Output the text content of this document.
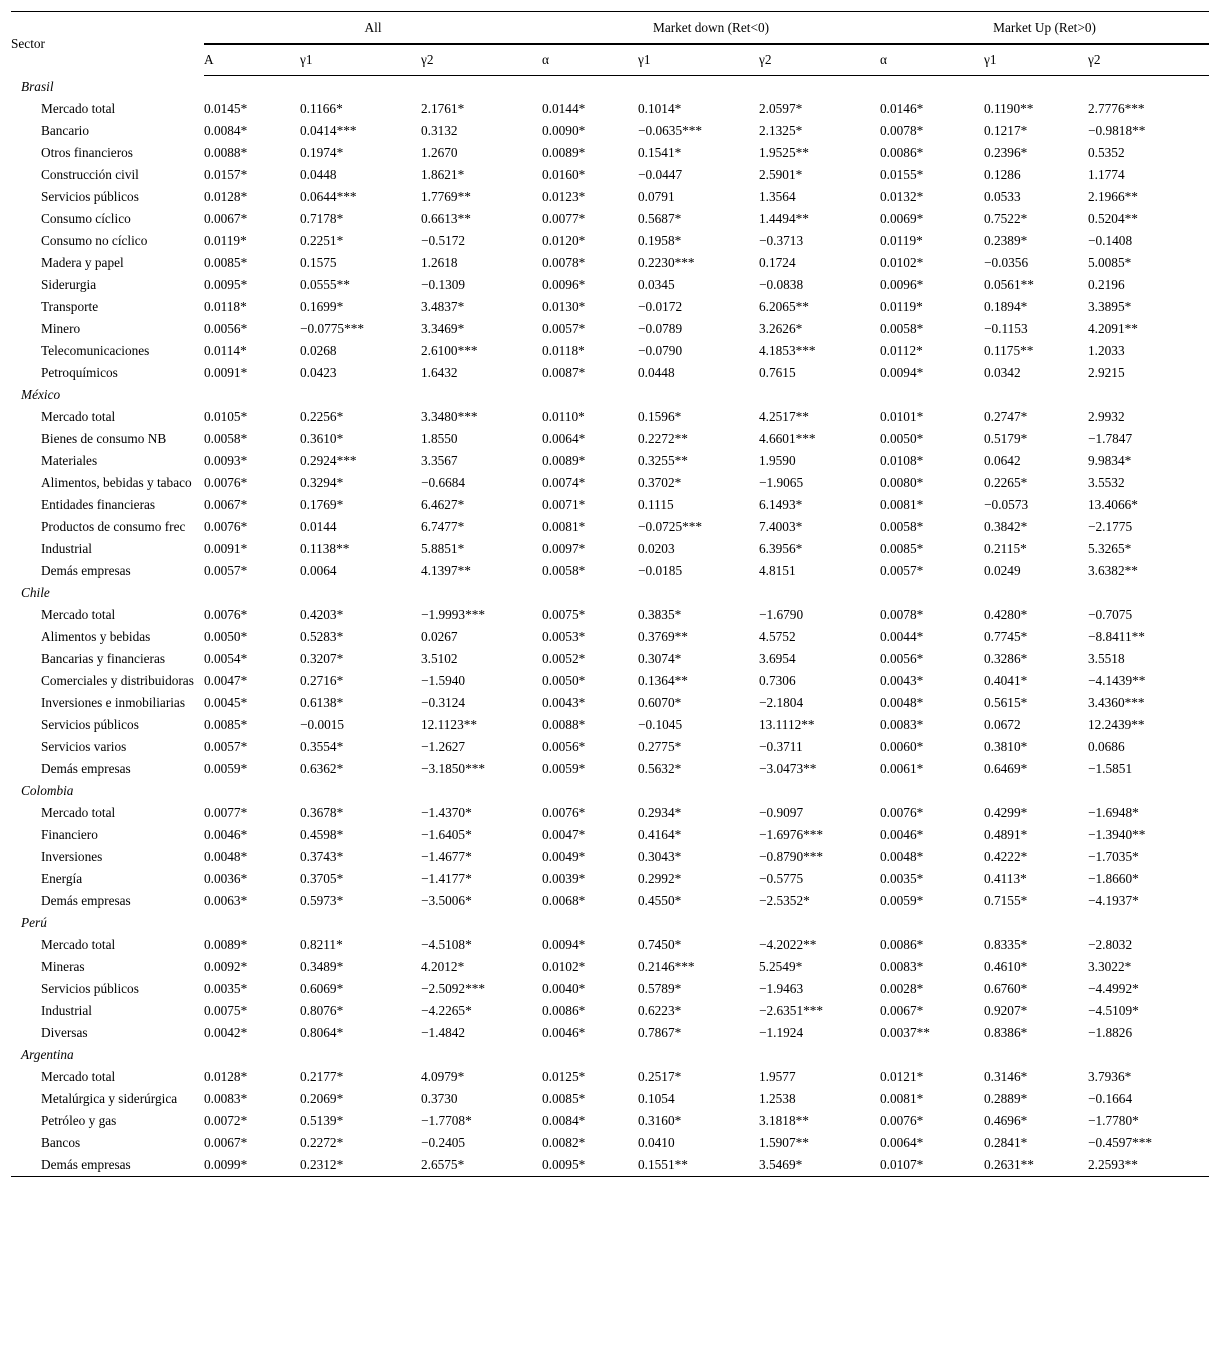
Sector	All			Market down (Ret<0)			Market Up (Ret>0)		
	A	γ1	γ2	α	γ1	γ2	α	γ1	γ2
Brasil									
Mercado total	0.0145*	0.1166*	2.1761*	0.0144*	0.1014*	2.0597*	0.0146*	0.1190**	2.7776***
Bancario	0.0084*	0.0414***	0.3132	0.0090*	−0.0635***	2.1325*	0.0078*	0.1217*	−0.9818**
Otros financieros	0.0088*	0.1974*	1.2670	0.0089*	0.1541*	1.9525**	0.0086*	0.2396*	0.5352
Construcción civil	0.0157*	0.0448	1.8621*	0.0160*	−0.0447	2.5901*	0.0155*	0.1286	1.1774
Servicios públicos	0.0128*	0.0644***	1.7769**	0.0123*	0.0791	1.3564	0.0132*	0.0533	2.1966**
Consumo cíclico	0.0067*	0.7178*	0.6613**	0.0077*	0.5687*	1.4494**	0.0069*	0.7522*	0.5204**
Consumo no cíclico	0.0119*	0.2251*	−0.5172	0.0120*	0.1958*	−0.3713	0.0119*	0.2389*	−0.1408
Madera y papel	0.0085*	0.1575	1.2618	0.0078*	0.2230***	0.1724	0.0102*	−0.0356	5.0085*
Siderurgia	0.0095*	0.0555**	−0.1309	0.0096*	0.0345	−0.0838	0.0096*	0.0561**	0.2196
Transporte	0.0118*	0.1699*	3.4837*	0.0130*	−0.0172	6.2065**	0.0119*	0.1894*	3.3895*
Minero	0.0056*	−0.0775***	3.3469*	0.0057*	−0.0789	3.2626*	0.0058*	−0.1153	4.2091**
Telecomunicaciones	0.0114*	0.0268	2.6100***	0.0118*	−0.0790	4.1853***	0.0112*	0.1175**	1.2033
Petroquímicos	0.0091*	0.0423	1.6432	0.0087*	0.0448	0.7615	0.0094*	0.0342	2.9215
México									
Mercado total	0.0105*	0.2256*	3.3480***	0.0110*	0.1596*	4.2517**	0.0101*	0.2747*	2.9932
Bienes de consumo NB	0.0058*	0.3610*	1.8550	0.0064*	0.2272**	4.6601***	0.0050*	0.5179*	−1.7847
Materiales	0.0093*	0.2924***	3.3567	0.0089*	0.3255**	1.9590	0.0108*	0.0642	9.9834*
Alimentos, bebidas y tabaco	0.0076*	0.3294*	−0.6684	0.0074*	0.3702*	−1.9065	0.0080*	0.2265*	3.5532
Entidades financieras	0.0067*	0.1769*	6.4627*	0.0071*	0.1115	6.1493*	0.0081*	−0.0573	13.4066*
Productos de consumo frec	0.0076*	0.0144	6.7477*	0.0081*	−0.0725***	7.4003*	0.0058*	0.3842*	−2.1775
Industrial	0.0091*	0.1138**	5.8851*	0.0097*	0.0203	6.3956*	0.0085*	0.2115*	5.3265*
Demás empresas	0.0057*	0.0064	4.1397**	0.0058*	−0.0185	4.8151	0.0057*	0.0249	3.6382**
Chile									
Mercado total	0.0076*	0.4203*	−1.9993***	0.0075*	0.3835*	−1.6790	0.0078*	0.4280*	−0.7075
Alimentos y bebidas	0.0050*	0.5283*	0.0267	0.0053*	0.3769**	4.5752	0.0044*	0.7745*	−8.8411**
Bancarias y financieras	0.0054*	0.3207*	3.5102	0.0052*	0.3074*	3.6954	0.0056*	0.3286*	3.5518
Comerciales y distribuidoras	0.0047*	0.2716*	−1.5940	0.0050*	0.1364**	0.7306	0.0043*	0.4041*	−4.1439**
Inversiones e inmobiliarias	0.0045*	0.6138*	−0.3124	0.0043*	0.6070*	−2.1804	0.0048*	0.5615*	3.4360***
Servicios públicos	0.0085*	−0.0015	12.1123**	0.0088*	−0.1045	13.1112**	0.0083*	0.0672	12.2439**
Servicios varios	0.0057*	0.3554*	−1.2627	0.0056*	0.2775*	−0.3711	0.0060*	0.3810*	0.0686
Demás empresas	0.0059*	0.6362*	−3.1850***	0.0059*	0.5632*	−3.0473**	0.0061*	0.6469*	−1.5851
Colombia									
Mercado total	0.0077*	0.3678*	−1.4370*	0.0076*	0.2934*	−0.9097	0.0076*	0.4299*	−1.6948*
Financiero	0.0046*	0.4598*	−1.6405*	0.0047*	0.4164*	−1.6976***	0.0046*	0.4891*	−1.3940**
Inversiones	0.0048*	0.3743*	−1.4677*	0.0049*	0.3043*	−0.8790***	0.0048*	0.4222*	−1.7035*
Energía	0.0036*	0.3705*	−1.4177*	0.0039*	0.2992*	−0.5775	0.0035*	0.4113*	−1.8660*
Demás empresas	0.0063*	0.5973*	−3.5006*	0.0068*	0.4550*	−2.5352*	0.0059*	0.7155*	−4.1937*
Perú									
Mercado total	0.0089*	0.8211*	−4.5108*	0.0094*	0.7450*	−4.2022**	0.0086*	0.8335*	−2.8032
Mineras	0.0092*	0.3489*	4.2012*	0.0102*	0.2146***	5.2549*	0.0083*	0.4610*	3.3022*
Servicios públicos	0.0035*	0.6069*	−2.5092***	0.0040*	0.5789*	−1.9463	0.0028*	0.6760*	−4.4992*
Industrial	0.0075*	0.8076*	−4.2265*	0.0086*	0.6223*	−2.6351***	0.0067*	0.9207*	−4.5109*
Diversas	0.0042*	0.8064*	−1.4842	0.0046*	0.7867*	−1.1924	0.0037**	0.8386*	−1.8826
Argentina									
Mercado total	0.0128*	0.2177*	4.0979*	0.0125*	0.2517*	1.9577	0.0121*	0.3146*	3.7936*
Metalúrgica y siderúrgica	0.0083*	0.2069*	0.3730	0.0085*	0.1054	1.2538	0.0081*	0.2889*	−0.1664
Petróleo y gas	0.0072*	0.5139*	−1.7708*	0.0084*	0.3160*	3.1818**	0.0076*	0.4696*	−1.7780*
Bancos	0.0067*	0.2272*	−0.2405	0.0082*	0.0410	1.5907**	0.0064*	0.2841*	−0.4597***
Demás empresas	0.0099*	0.2312*	2.6575*	0.0095*	0.1551**	3.5469*	0.0107*	0.2631**	2.2593**
